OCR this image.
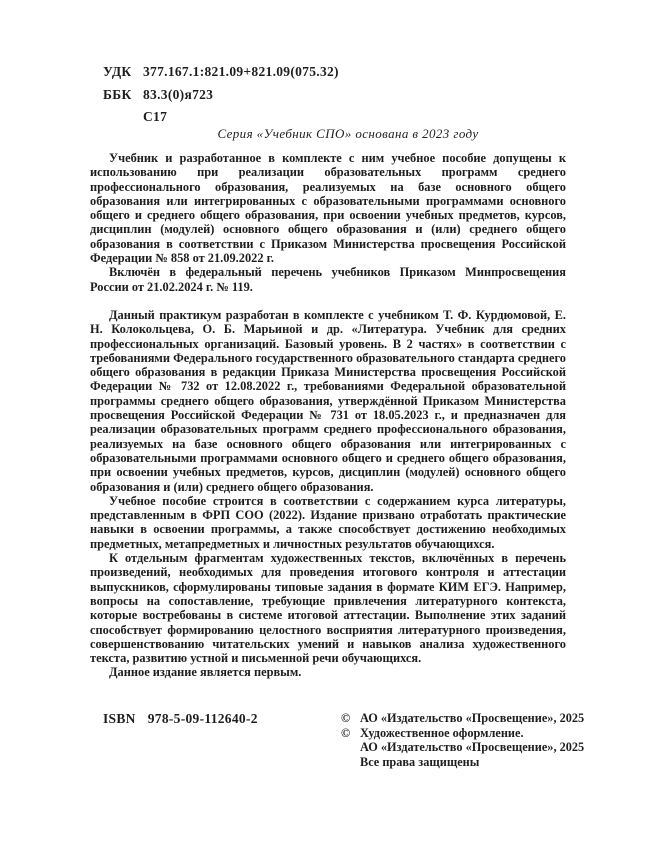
УДК 377.167.1:821.09+821.09(075.32)
ББК 83.3(0)я723
С17
Серия «Учебник СПО» основана в 2023 году

Учебник и разработанное в комплекте с ним учебное пособие допущены к использованию при реализации образовательных программ среднего профессионального образования, реализуемых на базе основного общего образования или интегрированных с образовательными программами основного общего и среднего общего образования, при освоении учебных предметов, курсов, дисциплин (модулей) основного общего образования и (или) среднего общего образования в соответствии с Приказом Министерства просвещения Российской Федерации № 858 от 21.09.2022 г.

Включён в федеральный перечень учебников Приказом Минпросвещения России от 21.02.2024 г. № 119.

Данный практикум разработан в комплекте с учебником Т. Ф. Курдюмовой, Е. Н. Колокольцева, О. Б. Марьиной и др. «Литература. Учебник для средних профессиональных организаций. Базовый уровень. В 2 частях» в соответствии с требованиями Федерального государственного образовательного стандарта среднего общего образования в редакции Приказа Министерства просвещения Российской Федерации № 732 от 12.08.2022 г., требованиями Федеральной образовательной программы среднего общего образования, утверждённой Приказом Министерства просвещения Российской Федерации № 731 от 18.05.2023 г., и предназначен для реализации образовательных программ среднего профессионального образования, реализуемых на базе основного общего образования или интегрированных с образовательными программами основного общего и среднего общего образования, при освоении учебных предметов, курсов, дисциплин (модулей) основного общего образования и (или) среднего общего образования.

Учебное пособие строится в соответствии с содержанием курса литературы, представленным в ФРП СОО (2022). Издание призвано отработать практические навыки в освоении программы, а также способствует достижению необходимых предметных, метапредметных и личностных результатов обучающихся.

К отдельным фрагментам художественных текстов, включённых в перечень произведений, необходимых для проведения итогового контроля и аттестации выпускников, сформулированы типовые задания в формате КИМ ЕГЭ. Например, вопросы на сопоставление, требующие привлечения литературного контекста, которые востребованы в системе итоговой аттестации. Выполнение этих заданий способствует формированию целостного восприятия литературного произведения, совершенствованию читательских умений и навыков анализа художественного текста, развитию устной и письменной речи обучающихся.

Данное издание является первым.

ISBN 978-5-09-112640-2	© АО «Издательство «Просвещение», 2025
© Художественное оформление.
АО «Издательство «Просвещение», 2025
Все права защищены
